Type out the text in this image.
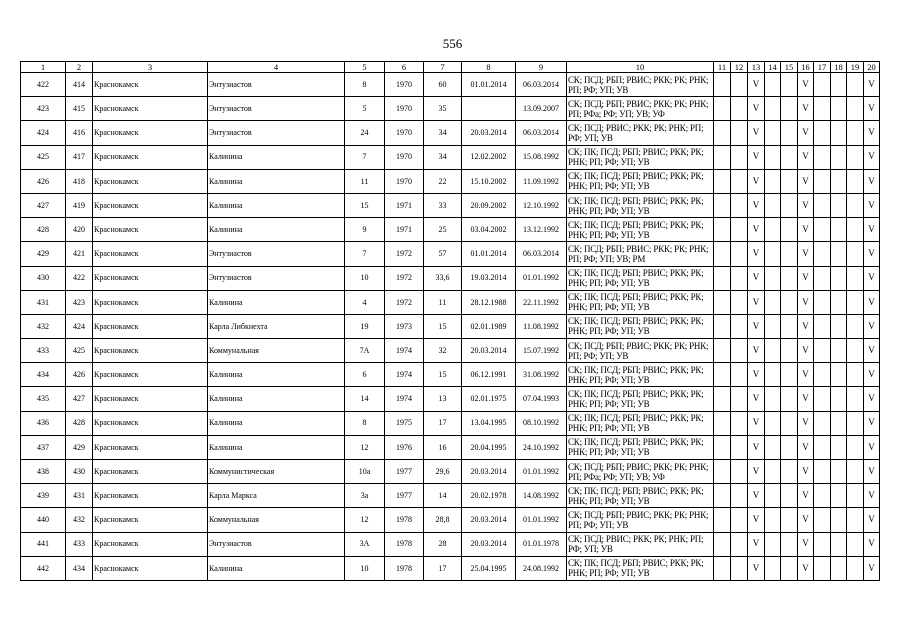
556
1	2	3	4	5	6	7	8	9	10	11	12	13	14	15	16	17	18	19	20
422	414	Краснокамск	Энтузиастов	8	1970	60	01.01.2014	06.03.2014	СК; ПСД; РБП; РВИС; РКК; РК; РНК; РП; РФ; УП; УВ			V			V				V
423	415	Краснокамск	Энтузиастов	5	1970	35		13.09.2007	СК; ПСД; РБП; РВИС; РКК; РК; РНК; РП; РФа; РФ; УП; УВ; УФ			V			V				V
424	416	Краснокамск	Энтузиастов	24	1970	34	20.03.2014	06.03.2014	СК; ПСД; РВИС; РКК; РК; РНК; РП; РФ; УП; УВ			V			V				V
425	417	Краснокамск	Калинина	7	1970	34	12.02.2002	15.08.1992	СК; ПК; ПСД; РБП; РВИС; РКК; РК; РНК; РП; РФ; УП; УВ			V			V				V
426	418	Краснокамск	Калинина	11	1970	22	15.10.2002	11.09.1992	СК; ПК; ПСД; РБП; РВИС; РКК; РК; РНК; РП; РФ; УП; УВ			V			V				V
427	419	Краснокамск	Калинина	15	1971	33	20.09.2002	12.10.1992	СК; ПК; ПСД; РБП; РВИС; РКК; РК; РНК; РП; РФ; УП; УВ			V			V				V
428	420	Краснокамск	Калинина	9	1971	25	03.04.2002	13.12.1992	СК; ПК; ПСД; РБП; РВИС; РКК; РК; РНК; РП; РФ; УП; УВ			V			V				V
429	421	Краснокамск	Энтузиастов	7	1972	57	01.01.2014	06.03.2014	СК; ПСД; РБП; РВИС; РКК; РК; РНК; РП; РФ; УП; УВ; РМ			V			V				V
430	422	Краснокамск	Энтузиастов	10	1972	33,6	19.03.2014	01.01.1992	СК; ПК; ПСД; РБП; РВИС; РКК; РК; РНК; РП; РФ; УП; УВ			V			V				V
431	423	Краснокамск	Калинина	4	1972	11	28.12.1988	22.11.1992	СК; ПК; ПСД; РБП; РВИС; РКК; РК; РНК; РП; РФ; УП; УВ			V			V				V
432	424	Краснокамск	Карла Либкнехта	19	1973	15	02.01.1989	11.08.1992	СК; ПК; ПСД; РБП; РВИС; РКК; РК; РНК; РП; РФ; УП; УВ			V			V				V
433	425	Краснокамск	Коммунальная	7А	1974	32	20.03.2014	15.07.1992	СК; ПСД; РБП; РВИС; РКК; РК; РНК; РП; РФ; УП; УВ			V			V				V
434	426	Краснокамск	Калинина	6	1974	15	06.12.1991	31.08.1992	СК; ПК; ПСД; РБП; РВИС; РКК; РК; РНК; РП; РФ; УП; УВ			V			V				V
435	427	Краснокамск	Калинина	14	1974	13	02.01.1975	07.04.1993	СК; ПК; ПСД; РБП; РВИС; РКК; РК; РНК; РП; РФ; УП; УВ			V			V				V
436	428	Краснокамск	Калинина	8	1975	17	13.04.1995	08.10.1992	СК; ПК; ПСД; РБП; РВИС; РКК; РК; РНК; РП; РФ; УП; УВ			V			V				V
437	429	Краснокамск	Калинина	12	1976	16	20.04.1995	24.10.1992	СК; ПК; ПСД; РБП; РВИС; РКК; РК; РНК; РП; РФ; УП; УВ			V			V				V
438	430	Краснокамск	Коммунистическая	10а	1977	29,6	20.03.2014	01.01.1992	СК; ПСД; РБП; РВИС; РКК; РК; РНК; РП; РФа; РФ; УП; УВ; УФ			V			V				V
439	431	Краснокамск	Карла Маркса	3а	1977	14	20.02.1978	14.08.1992	СК; ПК; ПСД; РБП; РВИС; РКК; РК; РНК; РП; РФ; УП; УВ			V			V				V
440	432	Краснокамск	Коммунальная	12	1978	28,8	20.03.2014	01.01.1992	СК; ПСД; РБП; РВИС; РКК; РК; РНК; РП; РФ; УП; УВ			V			V				V
441	433	Краснокамск	Энтузиастов	3А	1978	28	20.03.2014	01.01.1978	СК; ПСД; РВИС; РКК; РК; РНК; РП; РФ; УП; УВ			V			V				V
442	434	Краснокамск	Калинина	10	1978	17	25.04.1995	24.08.1992	СК; ПК; ПСД; РБП; РВИС; РКК; РК; РНК; РП; РФ; УП; УВ			V			V				V
